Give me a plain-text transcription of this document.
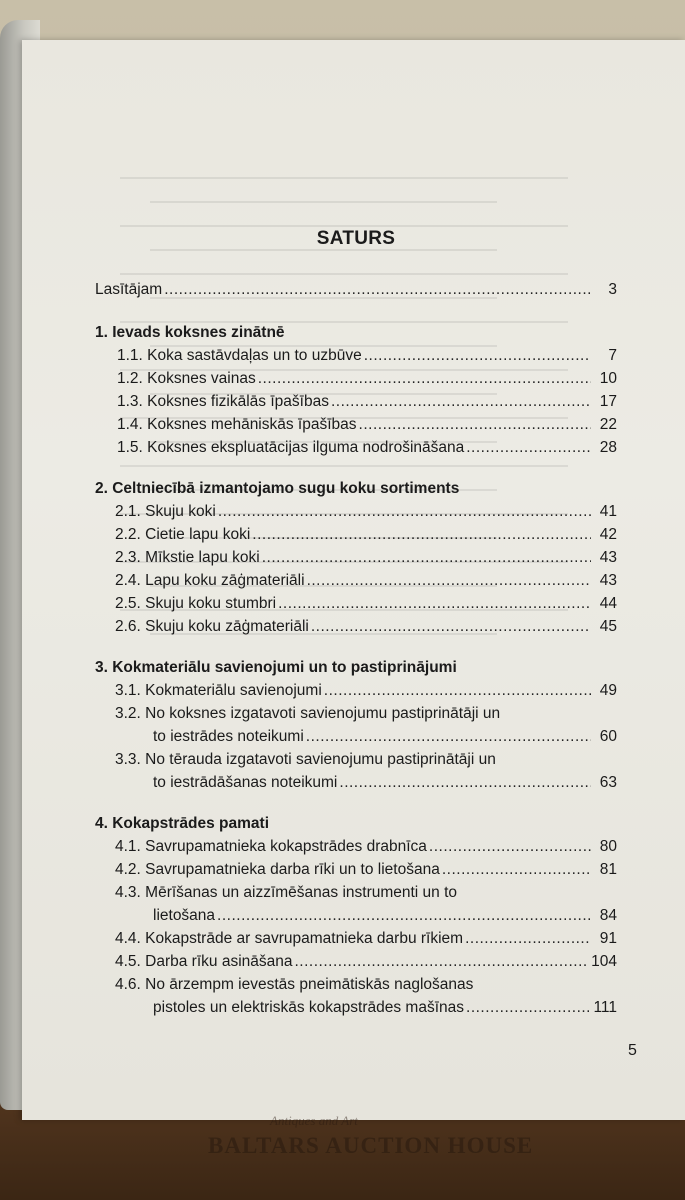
SATURS
Lasītājam .....	3
1. Ievads koksnes zinātnē
1.1. Koka sastāvdaļas un to uzbūve .....	7
1.2. Koksnes vainas .....	10
1.3. Koksnes fizikālās īpašības .....	17
1.4. Koksnes mehāniskās īpašības .....	22
1.5. Koksnes ekspluatācijas ilguma nodrošināšana .....	28
2. Celtniecībā izmantojamo sugu koku sortiments
2.1. Skuju koki .....	41
2.2. Cietie lapu koki .....	42
2.3. Mīkstie lapu koki .....	43
2.4. Lapu koku zāģmateriāli .....	43
2.5. Skuju koku stumbri .....	44
2.6. Skuju koku zāģmateriāli .....	45
3. Kokmateriālu savienojumi un to pastiprinājumi
3.1. Kokmateriālu savienojumi .....	49
3.2. No koksnes izgatavoti savienojumu pastiprinātāji un
to iestrādes noteikumi .....	60
3.3. No tērauda izgatavoti savienojumu pastiprinātāji un
to iestrādāšanas noteikumi .....	63
4. Kokapstrādes pamati
4.1. Savrupamatnieka kokapstrādes drabnīca .....	80
4.2. Savrupamatnieka darba rīki un to lietošana .....	81
4.3. Mērīšanas un aizzīmēšanas instrumenti un to
lietošana .....	84
4.4. Kokapstrāde ar savrupamatnieka darbu rīkiem .....	91
4.5. Darba rīku asināšana .....	104
4.6. No ārzemрm ievestās pneimātiskās naglošanas
pistoles un elektriskās kokapstrādes mašīnas .....	111
5
Antiques and Art
BALTARS AUCTION HOUSE
